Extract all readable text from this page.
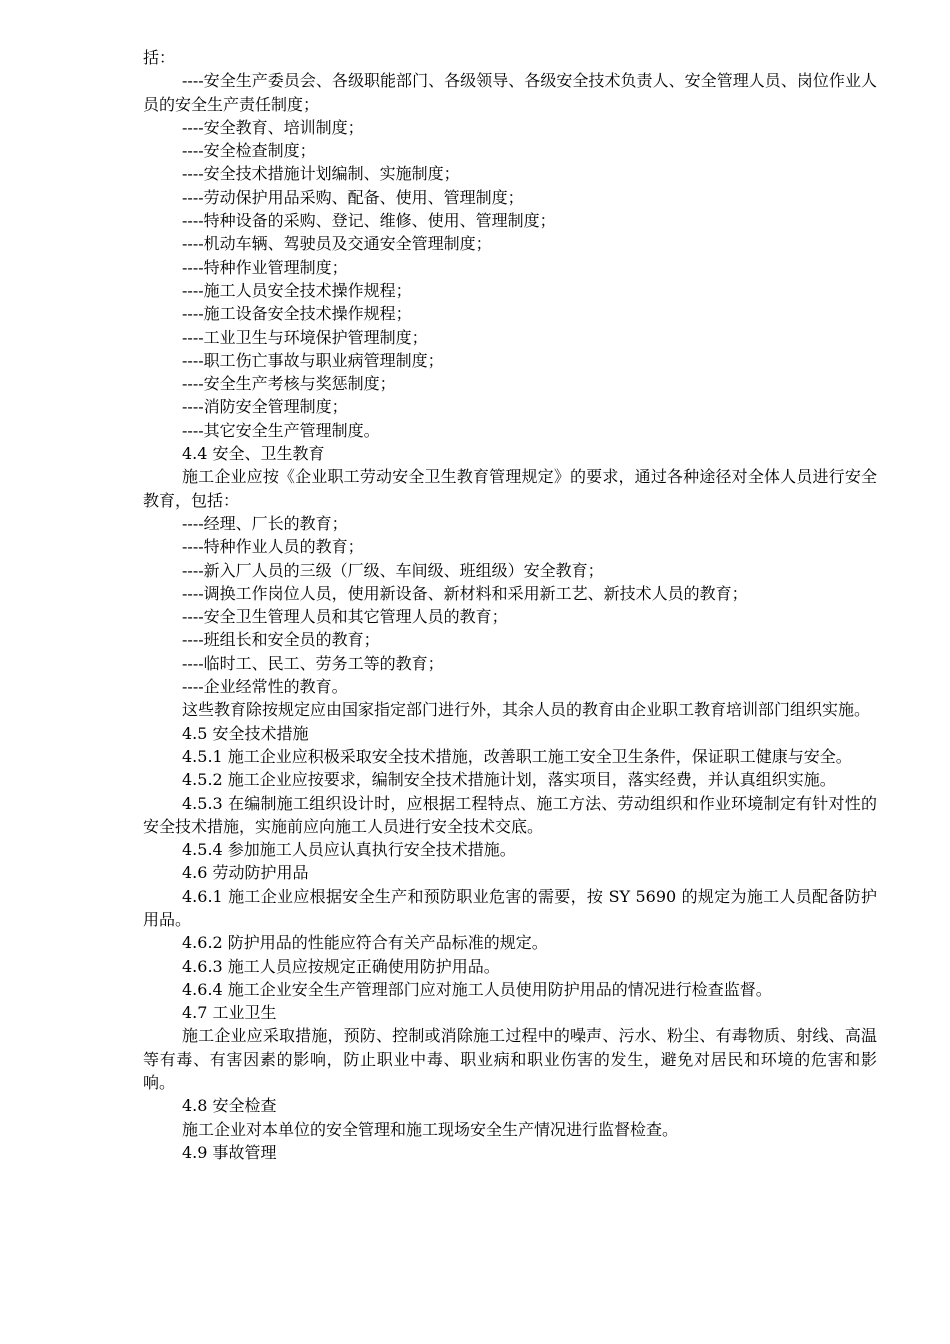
括：

----安全生产委员会、各级职能部门、各级领导、各级安全技术负责人、安全管理人员、岗位作业人员的安全生产责任制度；

----安全教育、培训制度；

----安全检查制度；

----安全技术措施计划编制、实施制度；

----劳动保护用品采购、配备、使用、管理制度；

----特种设备的采购、登记、维修、使用、管理制度；

----机动车辆、驾驶员及交通安全管理制度；

----特种作业管理制度；

----施工人员安全技术操作规程；

----施工设备安全技术操作规程；

----工业卫生与环境保护管理制度；

----职工伤亡事故与职业病管理制度；

----安全生产考核与奖惩制度；

----消防安全管理制度；

----其它安全生产管理制度。

4.4 安全、卫生教育

施工企业应按《企业职工劳动安全卫生教育管理规定》的要求，通过各种途径对全体人员进行安全教育，包括：

----经理、厂长的教育；

----特种作业人员的教育；

----新入厂人员的三级（厂级、车间级、班组级）安全教育；

----调换工作岗位人员，使用新设备、新材料和采用新工艺、新技术人员的教育；

----安全卫生管理人员和其它管理人员的教育；

----班组长和安全员的教育；

----临时工、民工、劳务工等的教育；

----企业经常性的教育。

这些教育除按规定应由国家指定部门进行外，其余人员的教育由企业职工教育培训部门组织实施。

4.5 安全技术措施

4.5.1 施工企业应积极采取安全技术措施，改善职工施工安全卫生条件，保证职工健康与安全。

4.5.2 施工企业应按要求，编制安全技术措施计划，落实项目，落实经费，并认真组织实施。

4.5.3 在编制施工组织设计时，应根据工程特点、施工方法、劳动组织和作业环境制定有针对性的安全技术措施，实施前应向施工人员进行安全技术交底。

4.5.4 参加施工人员应认真执行安全技术措施。

4.6 劳动防护用品

4.6.1 施工企业应根据安全生产和预防职业危害的需要，按 SY 5690 的规定为施工人员配备防护用品。

4.6.2 防护用品的性能应符合有关产品标准的规定。

4.6.3 施工人员应按规定正确使用防护用品。

4.6.4 施工企业安全生产管理部门应对施工人员使用防护用品的情况进行检查监督。

4.7 工业卫生

施工企业应采取措施，预防、控制或消除施工过程中的噪声、污水、粉尘、有毒物质、射线、高温等有毒、有害因素的影响，防止职业中毒、职业病和职业伤害的发生，避免对居民和环境的危害和影响。

4.8 安全检查

施工企业对本单位的安全管理和施工现场安全生产情况进行监督检查。

4.9 事故管理
